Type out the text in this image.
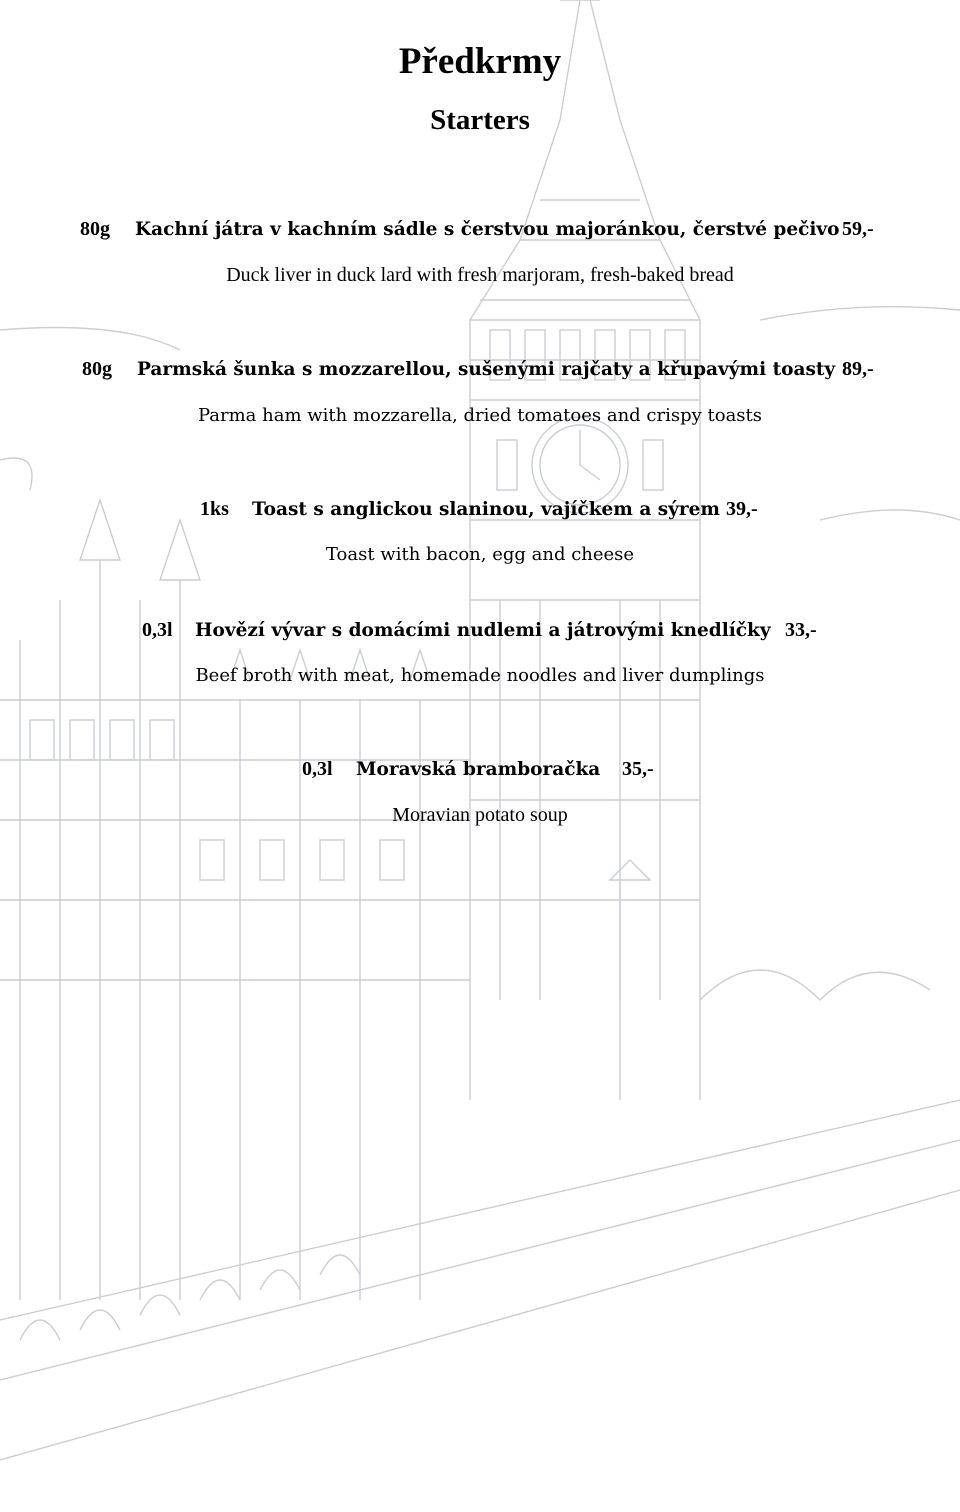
Předkrmy
Starters
80g Kachní játra v kachním sádle s čerstvou majoránkou, čerstvé pečivo 59,-
Duck liver in duck lard with fresh marjoram, fresh-baked bread
80g Parmská šunka s mozzarellou, sušenými rajčaty a křupavými toasty 89,-
Parma ham with mozzarella, dried tomatoes and crispy toasts
1ks Toast s anglickou slaninou, vajíčkem a sýrem 39,-
Toast with bacon, egg and cheese
0,3l Hovězí vývar s domácími nudlemi a játrovými knedlíčky 33,-
Beef broth with meat, homemade noodles and liver dumplings
0,3l Moravská bramboračka 35,-
Moravian potato soup
